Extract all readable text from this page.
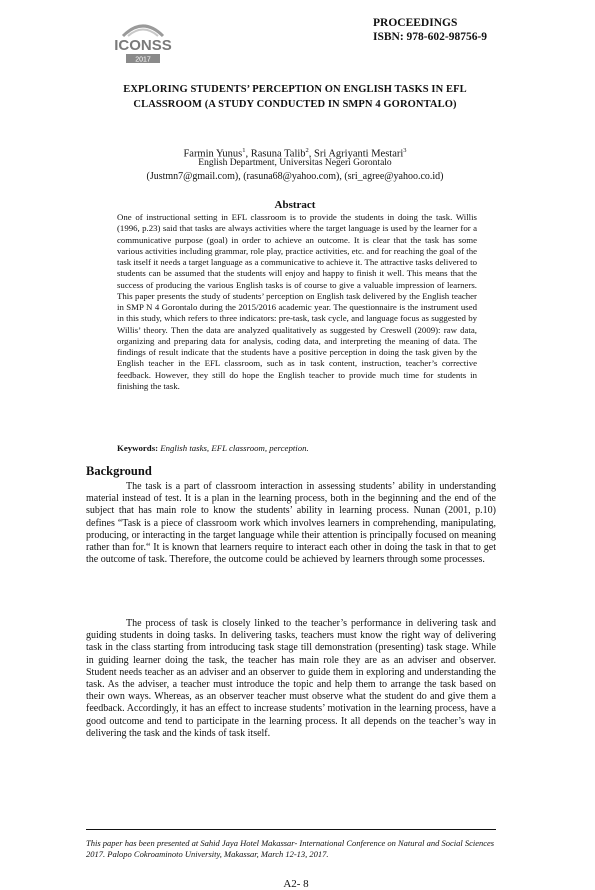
ICONSS
2017
PROCEEDINGS
ISBN: 978-602-98756-9
EXPLORING STUDENTS’ PERCEPTION ON ENGLISH TASKS IN EFL
CLASSROOM (A STUDY CONDUCTED IN SMPN 4 GORONTALO)
Farmin Yunus$^1$, Rasuna Talib$^2$, Sri Agriyanti Mestari$^3$
English Department, Universitas Negeri Gorontalo
(Justmn7@gmail.com), (rasuna68@yahoo.com), (sri_agree@yahoo.co.id)
Abstract
One of instructional setting in EFL classroom is to provide the students in doing the task. Willis (1996, p.23) said that tasks are always activities where the target language is used by the learner for a communicative purpose (goal) in order to achieve an outcome. It is clear that the task has some various activities including grammar, role play, practice activities, etc. and for reaching the goal of the task itself it needs a target language as a communicative to achieve it. The attractive tasks delivered to students can be assumed that the students will enjoy and happy to finish it well. This means that the success of producing the various English tasks is of course to give a valuable impression of learners. This paper presents the study of students’ perception on English task delivered by the English teacher in SMP N 4 Gorontalo during the 2015/2016 academic year. The questionnaire is the instrument used in this study, which refers to three indicators: pre-task, task cycle, and language focus as suggested by Willis’ theory. Then the data are analyzed qualitatively as suggested by Creswell (2009): raw data, organizing and preparing data for analysis, coding data, and interpreting the meaning of data. The findings of result indicate that the students have a positive perception in doing the task given by the English teacher in the EFL classroom, such as in task content, instruction, teacher’s corrective feedback. However, they still do hope the English teacher to provide much time for students in finishing the task.
Keywords: English tasks, EFL classroom, perception.
Background
The task is a part of classroom interaction in assessing students’ ability in understanding material instead of test. It is a plan in the learning process, both in the beginning and the end of the subject that has main role to know the students’ ability in learning process. Nunan (2001, p.10) defines “Task is a piece of classroom work which involves learners in comprehending, manipulating, producing, or interacting in the target language while their attention is principally focused on meaning rather than for.“ It is known that learners require to interact each other in doing the task in that to get the outcome of task. Therefore, the outcome could be achieved by learners through some processes.
The process of task is closely linked to the teacher’s performance in delivering task and guiding students in doing tasks. In delivering tasks, teachers must know the right way of delivering task in the class starting from introducing task stage till demonstration (presenting) task stage. While in guiding learner doing the task, the teacher has main role they are as an adviser and observer. Student needs teacher as an adviser and an observer to guide them in exploring and understanding the task. As the adviser, a teacher must introduce the topic and help them to arrange the task based on their own ways. Whereas, as an observer teacher must observe what the student do and give them a feedback. Accordingly, it has an effect to increase students’ motivation in the learning process, have a good outcome and tend to participate in the learning process. It all depends on the teacher’s way in delivering the task and the kinds of task itself.
This paper has been presented at Sahid Jaya Hotel Makassar- International Conference on Natural and Social Sciences 2017. Palopo Cokroaminoto University, Makassar, March 12-13, 2017.
A2- 8
